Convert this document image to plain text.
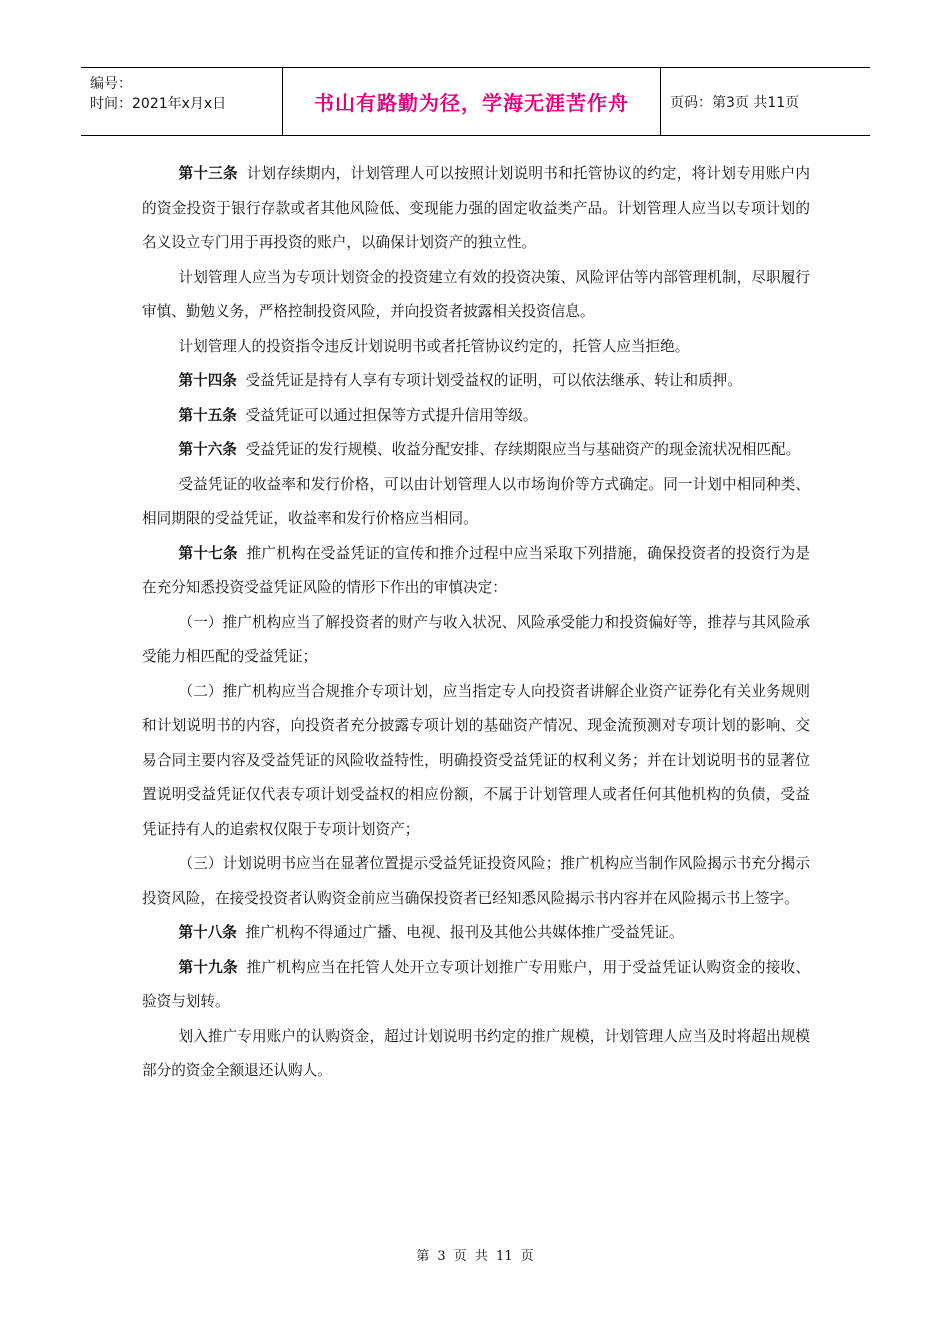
编号：
时间：2021年x月x日	书山有路勤为径，学海无涯苦作舟	页码：第3页 共11页

第十三条 计划存续期内，计划管理人可以按照计划说明书和托管协议的约定，将计划专用账户内的资金投资于银行存款或者其他风险低、变现能力强的固定收益类产品。计划管理人应当以专项计划的名义设立专门用于再投资的账户，以确保计划资产的独立性。

计划管理人应当为专项计划资金的投资建立有效的投资决策、风险评估等内部管理机制，尽职履行审慎、勤勉义务，严格控制投资风险，并向投资者披露相关投资信息。

计划管理人的投资指令违反计划说明书或者托管协议约定的，托管人应当拒绝。

第十四条 受益凭证是持有人享有专项计划受益权的证明，可以依法继承、转让和质押。

第十五条 受益凭证可以通过担保等方式提升信用等级。

第十六条 受益凭证的发行规模、收益分配安排、存续期限应当与基础资产的现金流状况相匹配。

受益凭证的收益率和发行价格，可以由计划管理人以市场询价等方式确定。同一计划中相同种类、相同期限的受益凭证，收益率和发行价格应当相同。

第十七条 推广机构在受益凭证的宣传和推介过程中应当采取下列措施，确保投资者的投资行为是在充分知悉投资受益凭证风险的情形下作出的审慎决定：

（一）推广机构应当了解投资者的财产与收入状况、风险承受能力和投资偏好等，推荐与其风险承受能力相匹配的受益凭证；

（二）推广机构应当合规推介专项计划，应当指定专人向投资者讲解企业资产证券化有关业务规则和计划说明书的内容，向投资者充分披露专项计划的基础资产情况、现金流预测对专项计划的影响、交易合同主要内容及受益凭证的风险收益特性，明确投资受益凭证的权利义务；并在计划说明书的显著位置说明受益凭证仅代表专项计划受益权的相应份额，不属于计划管理人或者任何其他机构的负债，受益凭证持有人的追索权仅限于专项计划资产；

（三）计划说明书应当在显著位置提示受益凭证投资风险；推广机构应当制作风险揭示书充分揭示投资风险，在接受投资者认购资金前应当确保投资者已经知悉风险揭示书内容并在风险揭示书上签字。

第十八条 推广机构不得通过广播、电视、报刊及其他公共媒体推广受益凭证。

第十九条 推广机构应当在托管人处开立专项计划推广专用账户，用于受益凭证认购资金的接收、验资与划转。

划入推广专用账户的认购资金，超过计划说明书约定的推广规模，计划管理人应当及时将超出规模部分的资金全额退还认购人。

第 3 页 共 11 页
